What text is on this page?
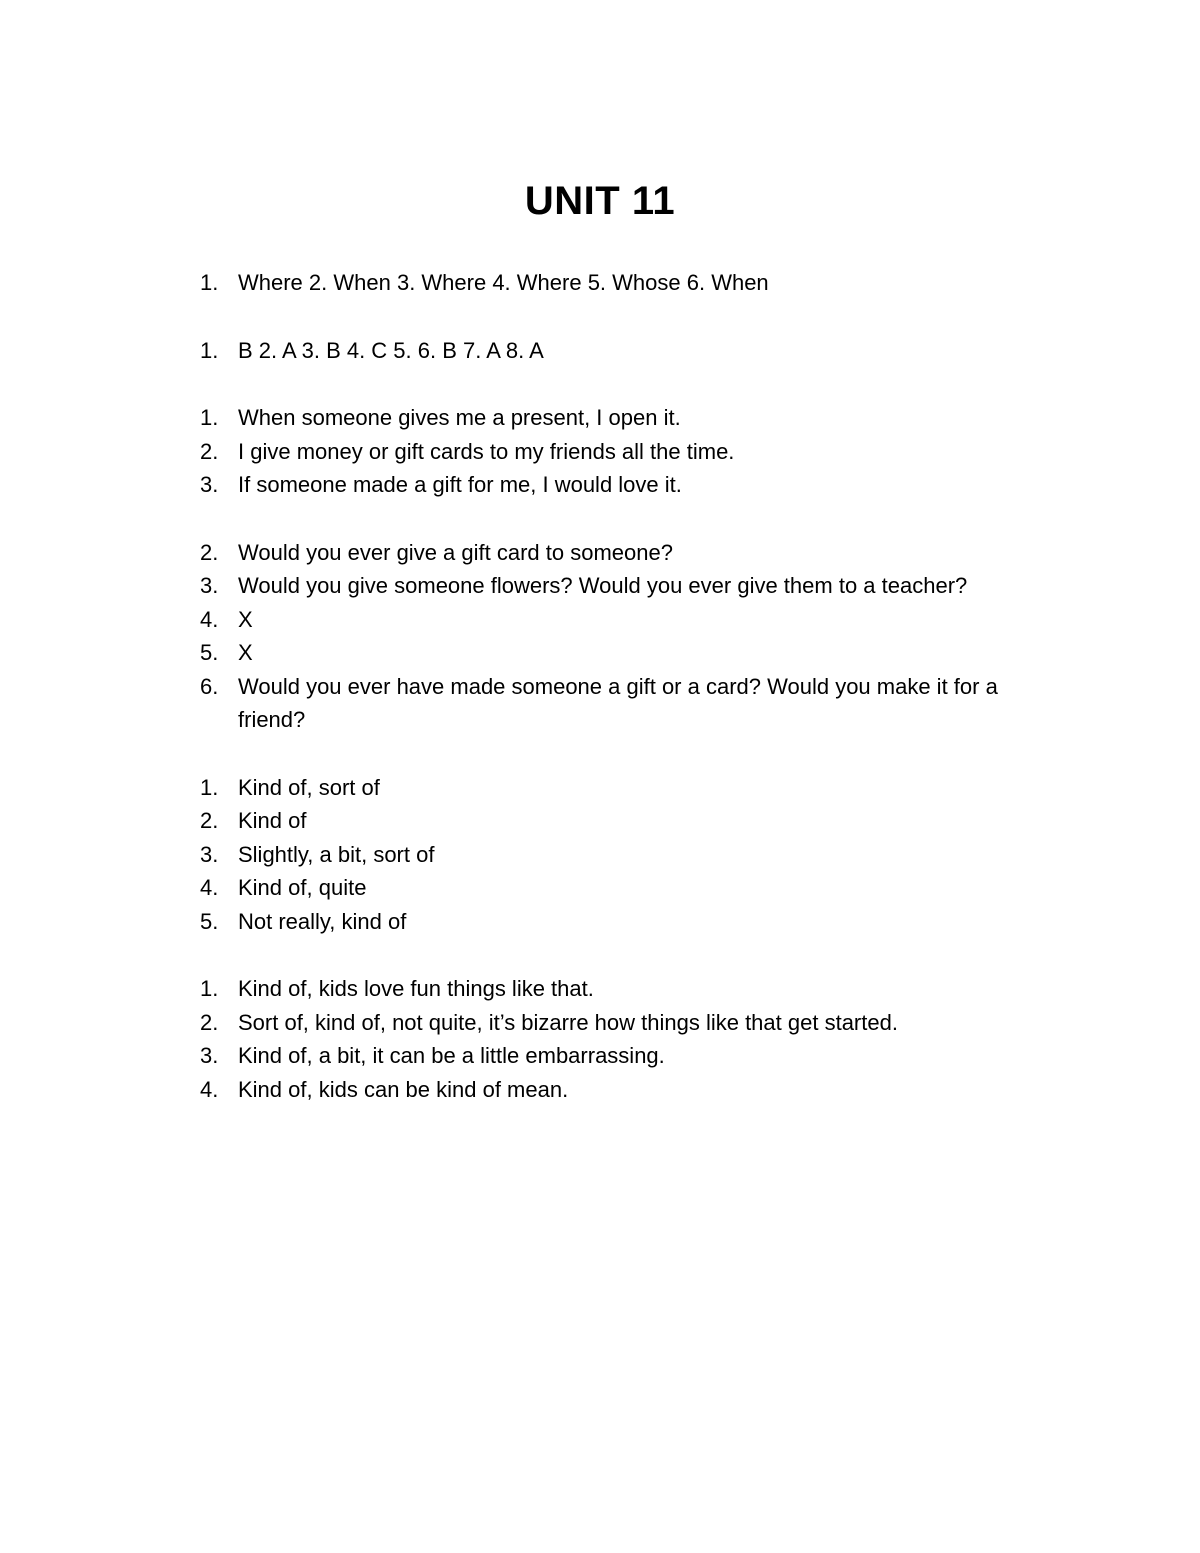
UNIT 11
1. Where 2. When 3. Where 4. Where 5. Whose 6. When
1. B 2. A 3. B 4. C 5. 6. B 7. A 8. A
1. When someone gives me a present, I open it.
2. I give money or gift cards to my friends all the time.
3. If someone made a gift for me, I would love it.
2. Would you ever give a gift card to someone?
3. Would you give someone flowers? Would you ever give them to a teacher?
4. X
5. X
6. Would you ever have made someone a gift or a card? Would you make it for a friend?
1. Kind of, sort of
2. Kind of
3. Slightly, a bit, sort of
4. Kind of, quite
5. Not really, kind of
1. Kind of, kids love fun things like that.
2. Sort of, kind of, not quite, it’s bizarre how things like that get started.
3. Kind of, a bit, it can be a little embarrassing.
4. Kind of, kids can be kind of mean.
